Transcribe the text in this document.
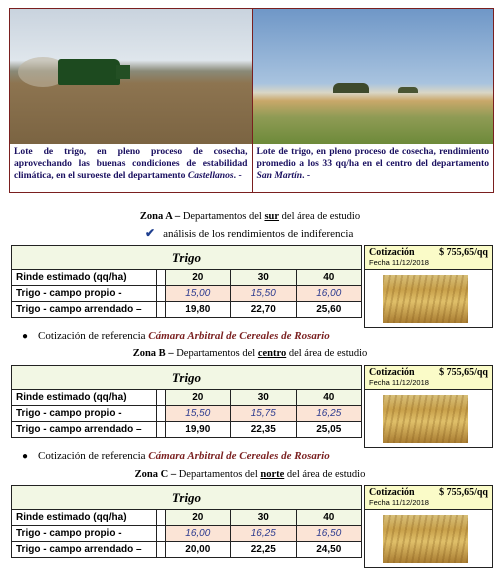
Lote de trigo, en pleno proceso de cosecha, aprovechando las buenas condiciones de estabilidad climática, en el suroeste del departamento Castellanos. -
Lote de trigo, en pleno proceso de cosecha, rendimiento promedio a los 33 qq/ha en el centro del departamento San Martín. -
Zona A – Departamentos del sur del área de estudio
✔ análisis de los rendimientos de indiferencia
Trigo				
Rinde estimado (qq/ha)		20	30	40
Trigo - campo propio -		15,00	15,50	16,00
Trigo - campo arrendado –		19,80	22,70	25,60
Cotización $ 755,65/qq
Fecha 11/12/2018
● Cotización de referencia Cámara Arbitral de Cereales de Rosario
Zona B – Departamentos del centro del área de estudio
Trigo				
Rinde estimado (qq/ha)		20	30	40
Trigo - campo propio -		15,50	15,75	16,25
Trigo - campo arrendado –		19,90	22,35	25,05
Cotización $ 755,65/qq
Fecha 11/12/2018
● Cotización de referencia Cámara Arbitral de Cereales de Rosario
Zona C – Departamentos del norte del área de estudio
Trigo				
Rinde estimado (qq/ha)		20	30	40
Trigo - campo propio -		16,00	16,25	16,50
Trigo - campo arrendado –		20,00	22,25	24,50
Cotización $ 755,65/qq
Fecha 11/12/2018
